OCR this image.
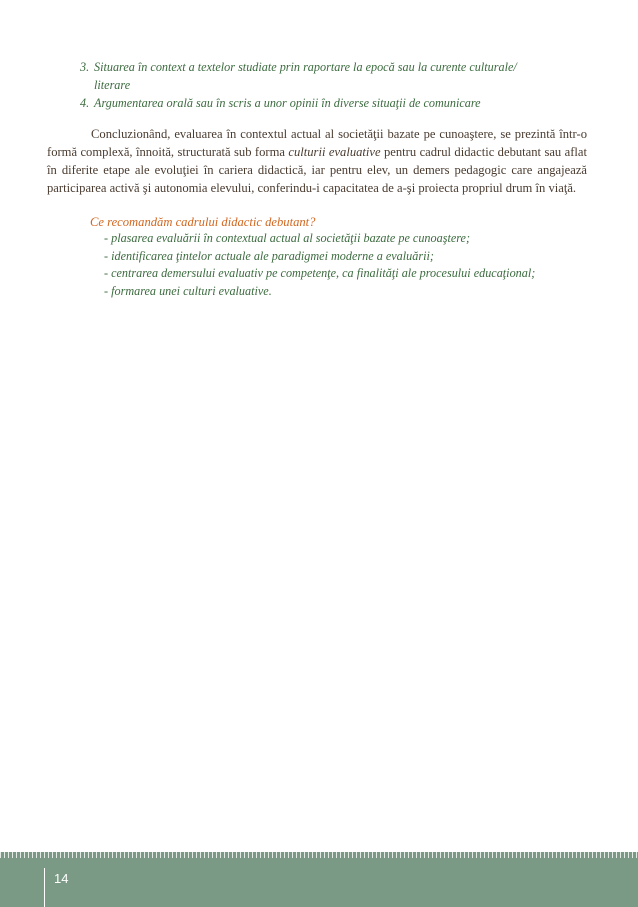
3. Situarea în context a textelor studiate prin raportare la epocă sau la curente culturale/
literare
4. Argumentarea orală sau în scris a unor opinii în diverse situaţii de comunicare

Concluzionând, evaluarea în contextul actual al societăţii bazate pe cunoaştere, se prezintă într-o formă complexă, înnoită, structurată sub forma culturii evaluative pentru cadrul didactic debutant sau aflat în diferite etape ale evoluţiei în cariera didactică, iar pentru elev, un demers pedagogic care angajează participarea activă şi autonomia elevului, conferindu-i capacitatea de a-şi proiecta propriul drum în viaţă.

Ce recomandăm cadrului didactic debutant?
- plasarea evaluării în contextual actual al societăţii bazate pe cunoaştere;
- identificarea ţintelor actuale ale paradigmei moderne a evaluării;
- centrarea demersului evaluativ pe competenţe, ca finalităţi ale procesului educaţional;
- formarea unei culturi evaluative.
14
